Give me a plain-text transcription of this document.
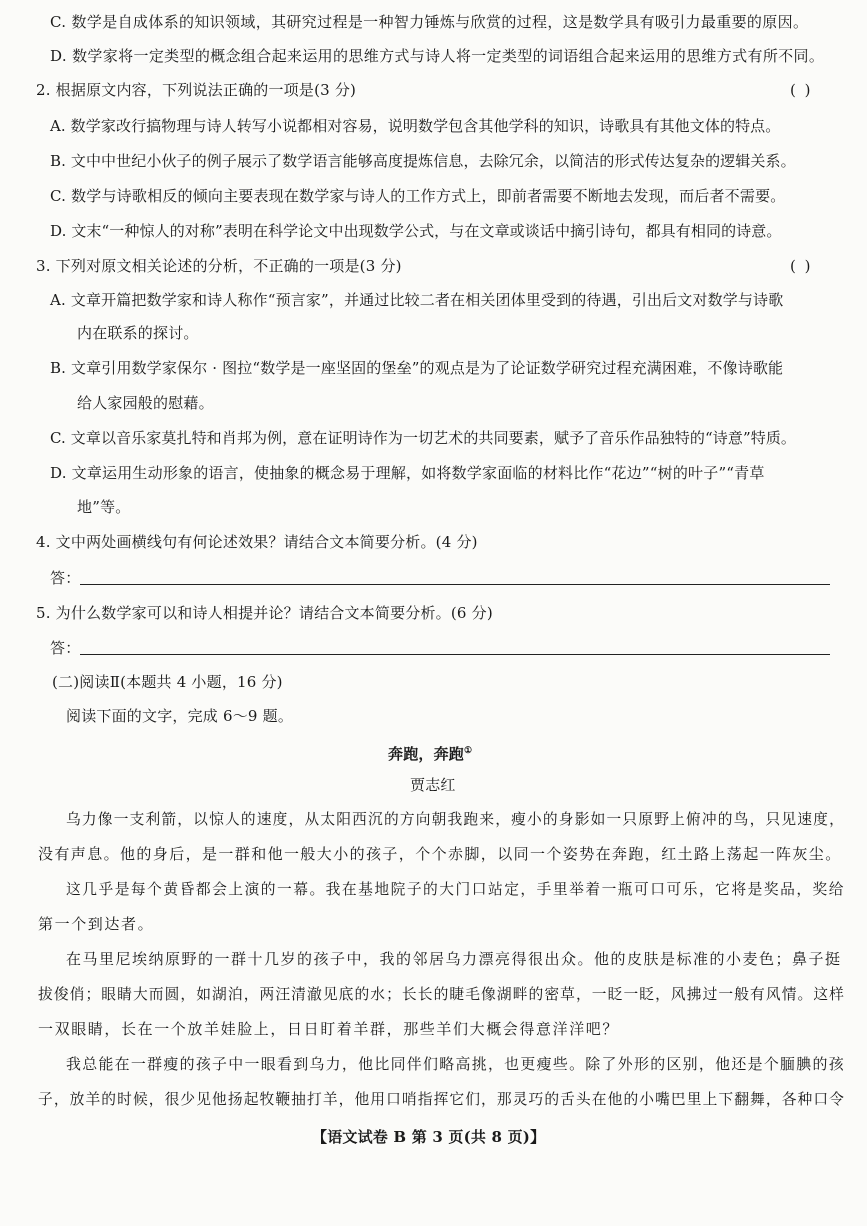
C. 数学是自成体系的知识领域，其研究过程是一种智力锤炼与欣赏的过程，这是数学具有吸引力最重要的原因。
D. 数学家将一定类型的概念组合起来运用的思维方式与诗人将一定类型的词语组合起来运用的思维方式有所不同。
2. 根据原文内容，下列说法正确的一项是(3 分)	( )
A. 数学家改行搞物理与诗人转写小说都相对容易，说明数学包含其他学科的知识，诗歌具有其他文体的特点。
B. 文中中世纪小伙子的例子展示了数学语言能够高度提炼信息，去除冗余，以简洁的形式传达复杂的逻辑关系。
C. 数学与诗歌相反的倾向主要表现在数学家与诗人的工作方式上，即前者需要不断地去发现，而后者不需要。
D. 文末“一种惊人的对称”表明在科学论文中出现数学公式，与在文章或谈话中摘引诗句，都具有相同的诗意。
3. 下列对原文相关论述的分析，不正确的一项是(3 分)	( )
A. 文章开篇把数学家和诗人称作“预言家”，并通过比较二者在相关团体里受到的待遇，引出后文对数学与诗歌
内在联系的探讨。
B. 文章引用数学家保尔 · 图拉“数学是一座坚固的堡垒”的观点是为了论证数学研究过程充满困难，不像诗歌能
给人家园般的慰藉。
C. 文章以音乐家莫扎特和肖邦为例，意在证明诗作为一切艺术的共同要素，赋予了音乐作品独特的“诗意”特质。
D. 文章运用生动形象的语言，使抽象的概念易于理解，如将数学家面临的材料比作“花边”“树的叶子”“青草
地”等。
4. 文中两处画横线句有何论述效果？请结合文本简要分析。(4 分)
答：
5. 为什么数学家可以和诗人相提并论？请结合文本简要分析。(6 分)
答：
(二)阅读Ⅱ(本题共 4 小题，16 分)
阅读下面的文字，完成 6～9 题。
奔跑，奔跑①
贾志红
乌力像一支利箭，以惊人的速度，从太阳西沉的方向朝我跑来，瘦小的身影如一只原野上俯冲的鸟，只见速度，
没有声息。他的身后，是一群和他一般大小的孩子，个个赤脚，以同一个姿势在奔跑，红土路上荡起一阵灰尘。
这几乎是每个黄昏都会上演的一幕。我在基地院子的大门口站定，手里举着一瓶可口可乐，它将是奖品，奖给
第一个到达者。
在马里尼埃纳原野的一群十几岁的孩子中，我的邻居乌力漂亮得很出众。他的皮肤是标准的小麦色；鼻子挺
拔俊俏；眼睛大而圆，如湖泊，两汪清澈见底的水；长长的睫毛像湖畔的密草，一眨一眨，风拂过一般有风情。这样
一双眼睛，长在一个放羊娃脸上，日日盯着羊群，那些羊们大概会得意洋洋吧？
我总能在一群瘦的孩子中一眼看到乌力，他比同伴们略高挑，也更瘦些。除了外形的区别，他还是个腼腆的孩
子，放羊的时候，很少见他扬起牧鞭抽打羊，他用口哨指挥它们，那灵巧的舌头在他的小嘴巴里上下翻舞，各种口令
【语文试卷 B 第 3 页(共 8 页)】
